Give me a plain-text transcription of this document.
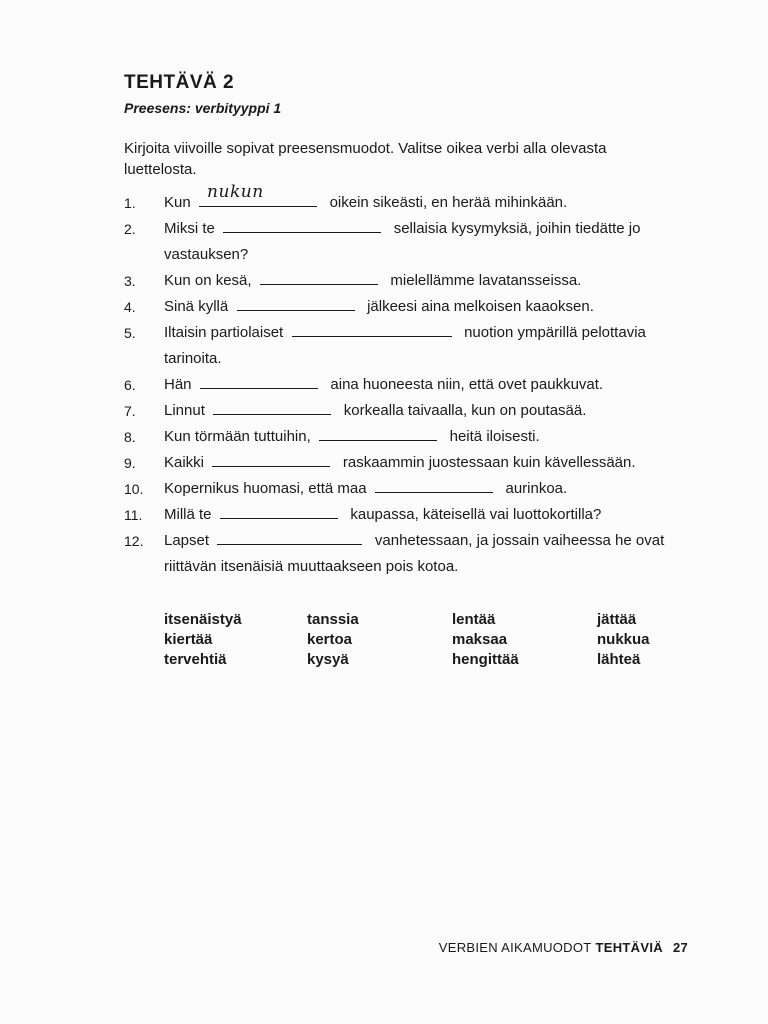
TEHTÄVÄ 2
Preesens: verbityyppi 1
Kirjoita viivoille sopivat preesensmuodot. Valitse oikea verbi alla olevasta luettelosta.
1. Kun
nukun
oikein sikeästi, en herää mihinkään.
2. Miksi te	sellaisia kysymyksiä, joihin tiedätte jo
vastauksen?
3. Kun on kesä,	mielellämme lavatansseissa.
4. Sinä kyllä	jälkeesi aina melkoisen kaaoksen.
5. Iltaisin partiolaiset	nuotion ympärillä pelottavia
tarinoita.
6. Hän	aina huoneesta niin, että ovet paukkuvat.
7. Linnut	korkealla taivaalla, kun on poutasää.
8. Kun törmään tuttuihin,	heitä iloisesti.
9. Kaikki	raskaammin juostessaan kuin kävellessään.
10. Kopernikus huomasi, että maa	aurinkoa.
11. Millä te	kaupassa, käteisellä vai luottokortilla?
12. Lapset	vanhetessaan, ja jossain vaiheessa he ovat
riittävän itsenäisiä muuttaakseen pois kotoa.
itsenäistyä	tanssia	lentää	jättää
kiertää	kertoa	maksaa	nukkua
tervehtiä	kysyä	hengittää	lähteä
VERBIEN AIKAMUODOT TEHTÄVIÄ 27
